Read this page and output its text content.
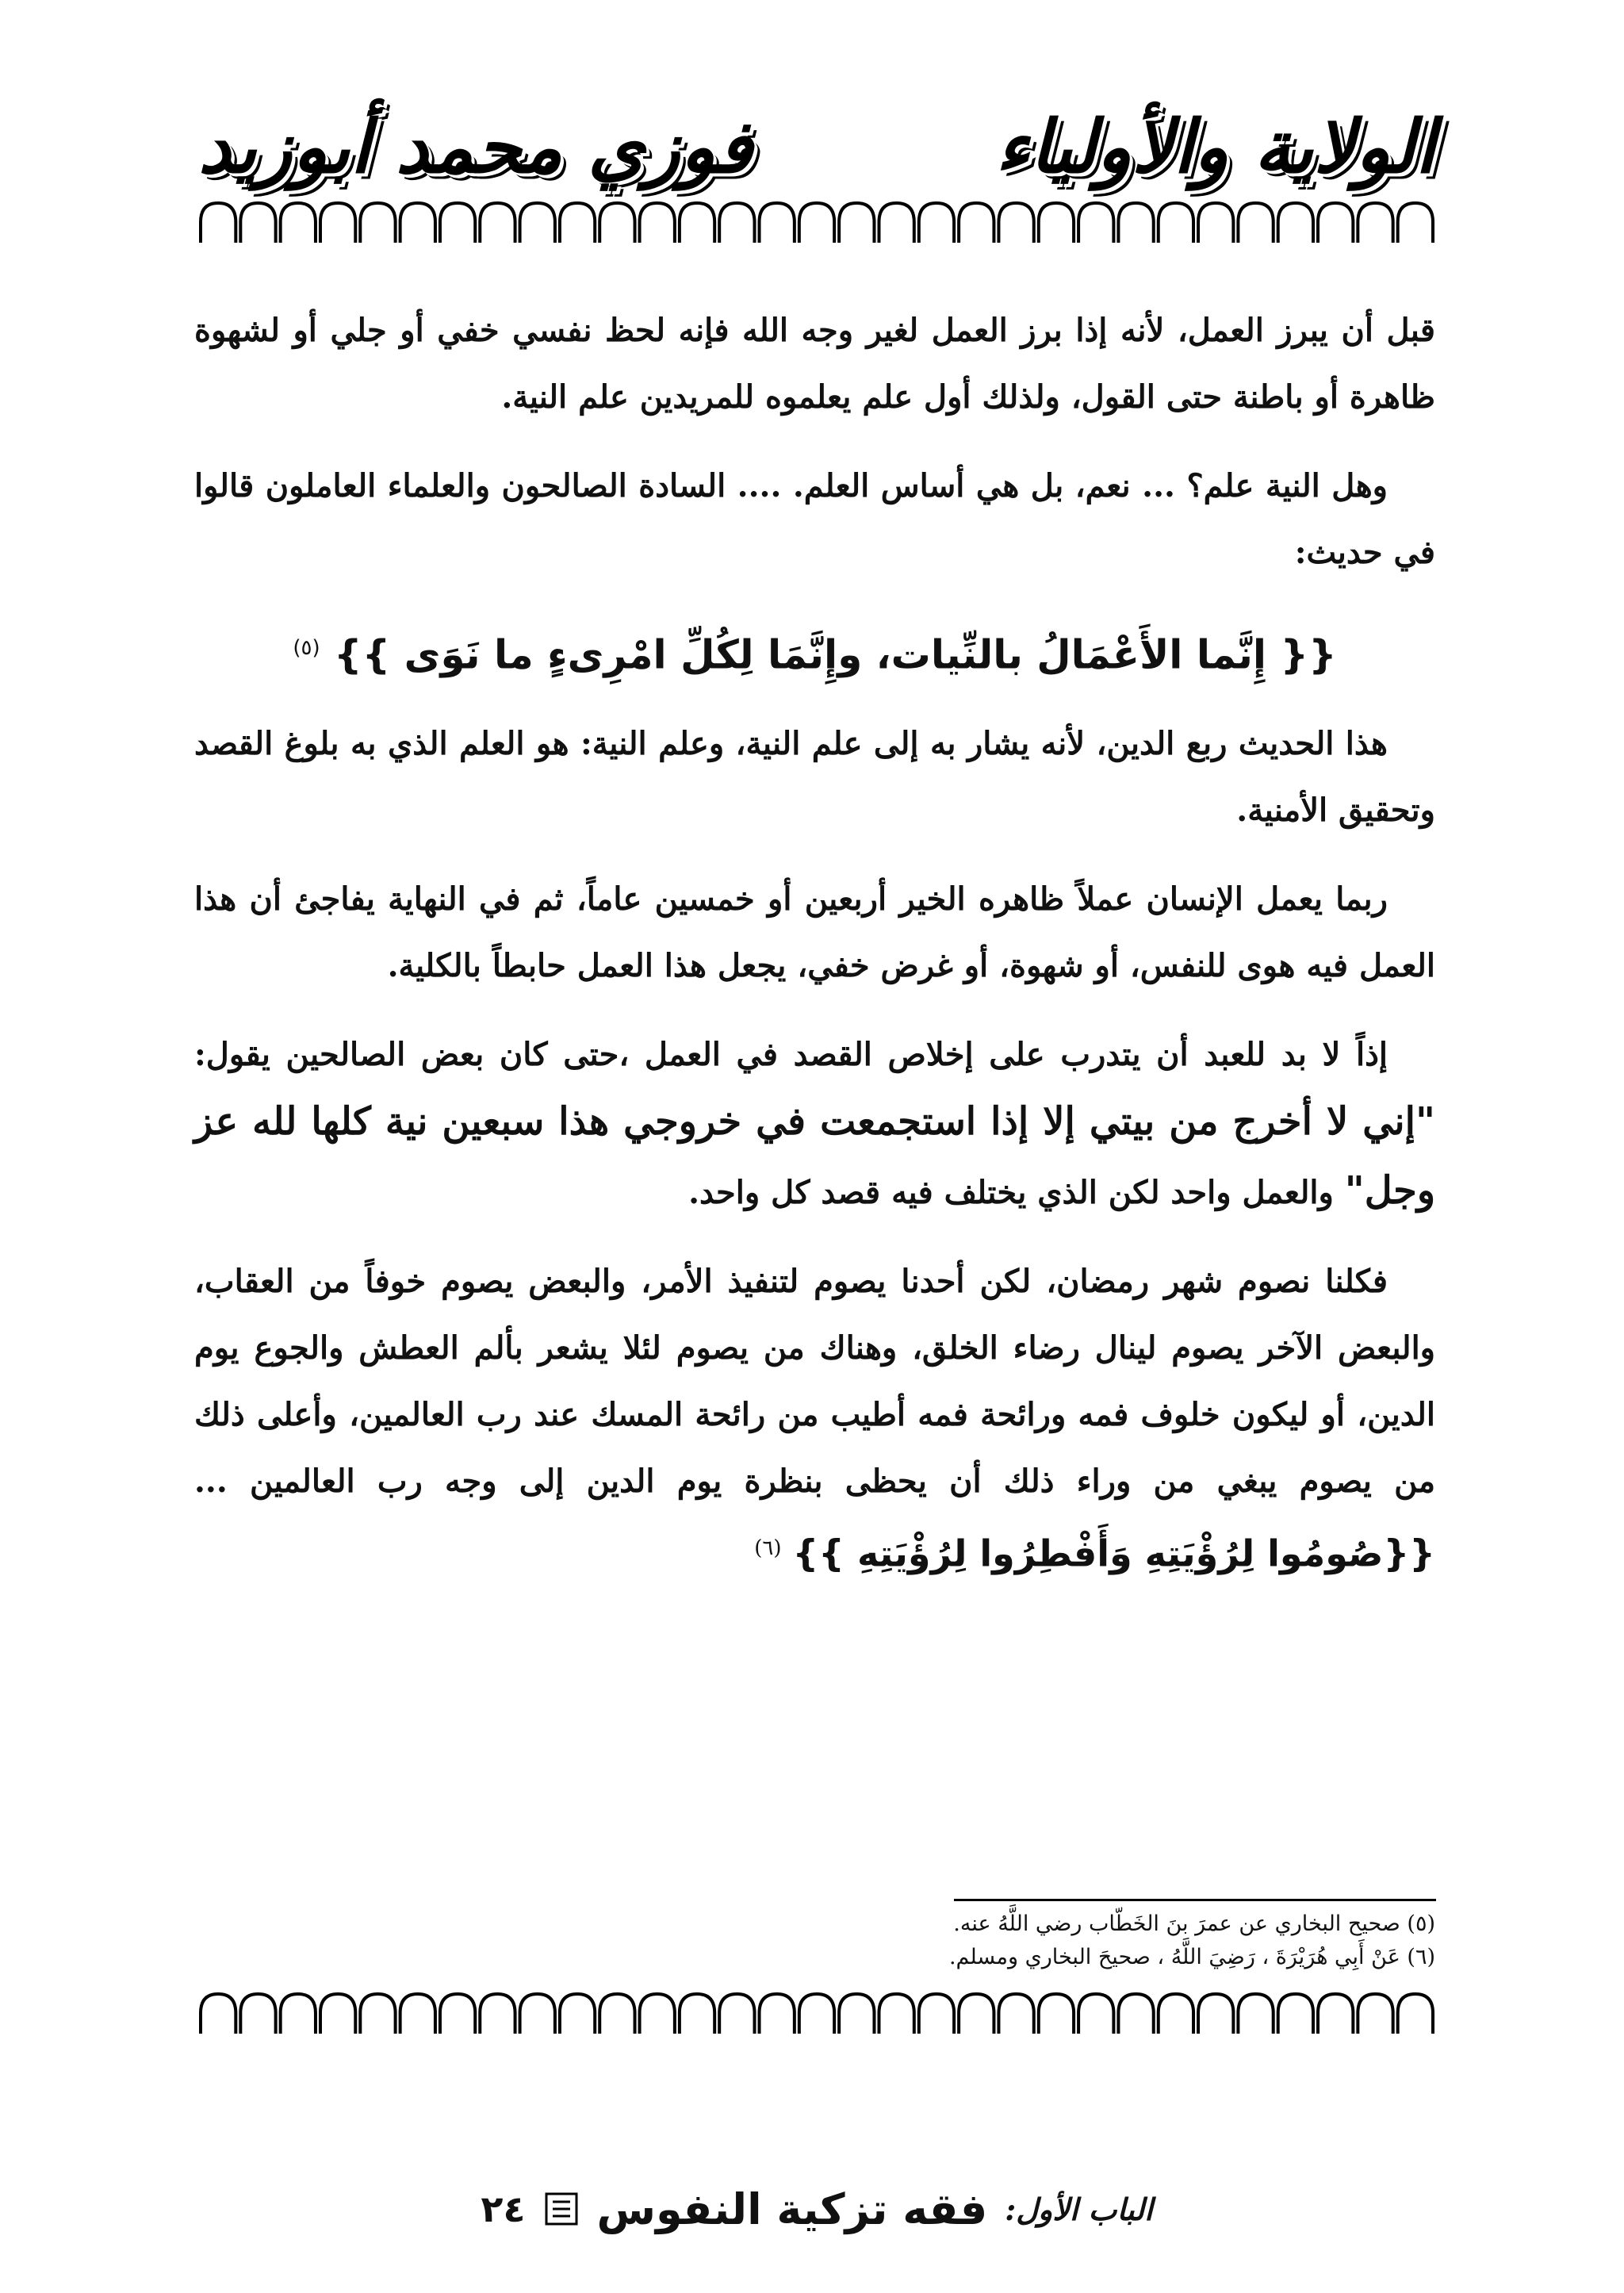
الولاية والأولياء
فوزي محمد أبوزيد

قبل أن يبرز العمل، لأنه إذا برز العمل لغير وجه الله فإنه لحظ نفسي خفي أو جلي أو لشهوة ظاهرة أو باطنة حتى القول، ولذلك أول علم يعلموه للمريدين علم النية.

وهل النية علم؟ ... نعم، بل هي أساس العلم. .... السادة الصالحون والعلماء العاملون قالوا في حديث:

{{ إِنَّما الأَعْمَالُ بالنِّيات، وإِنَّمَا لِكُلِّ امْرِىءٍ ما نَوَى }} $^{(٥)}$

هذا الحديث ربع الدين، لأنه يشار به إلى علم النية، وعلم النية: هو العلم الذي به بلوغ القصد وتحقيق الأمنية.

ربما يعمل الإنسان عملاً ظاهره الخير أربعين أو خمسين عاماً، ثم في النهاية يفاجئ أن هذا العمل فيه هوى للنفس، أو شهوة، أو غرض خفي، يجعل هذا العمل حابطاً بالكلية.

إذاً لا بد للعبد أن يتدرب على إخلاص القصد في العمل ،حتى كان بعض الصالحين يقول: "إني لا أخرج من بيتي إلا إذا استجمعت في خروجي هذا سبعين نية كلها لله عز وجل" والعمل واحد لكن الذي يختلف فيه قصد كل واحد.

فكلنا نصوم شهر رمضان، لكن أحدنا يصوم لتنفيذ الأمر، والبعض يصوم خوفاً من العقاب، والبعض الآخر يصوم لينال رضاء الخلق، وهناك من يصوم لئلا يشعر بألم العطش والجوع يوم الدين، أو ليكون خلوف فمه ورائحة فمه أطيب من رائحة المسك عند رب العالمين، وأعلى ذلك من يصوم يبغي من وراء ذلك أن يحظى بنظرة يوم الدين إلى وجه رب العالمين ... {{صُومُوا لِرُؤْيَتِهِ وَأَفْطِرُوا لِرُؤْيَتِهِ }} $^{(٦)}$

(٥) صحيح البخاري عن عمرَ بنَ الخَطّاب رضي اللَّهُ عنه.

(٦) عَنْ أَبِي هُرَيْرَةَ ، رَضِيَ اللَّهُ ، صحيحَ البخاري ومسلم.

الباب الأول:
فقه تزكية النفوس
٢٤
